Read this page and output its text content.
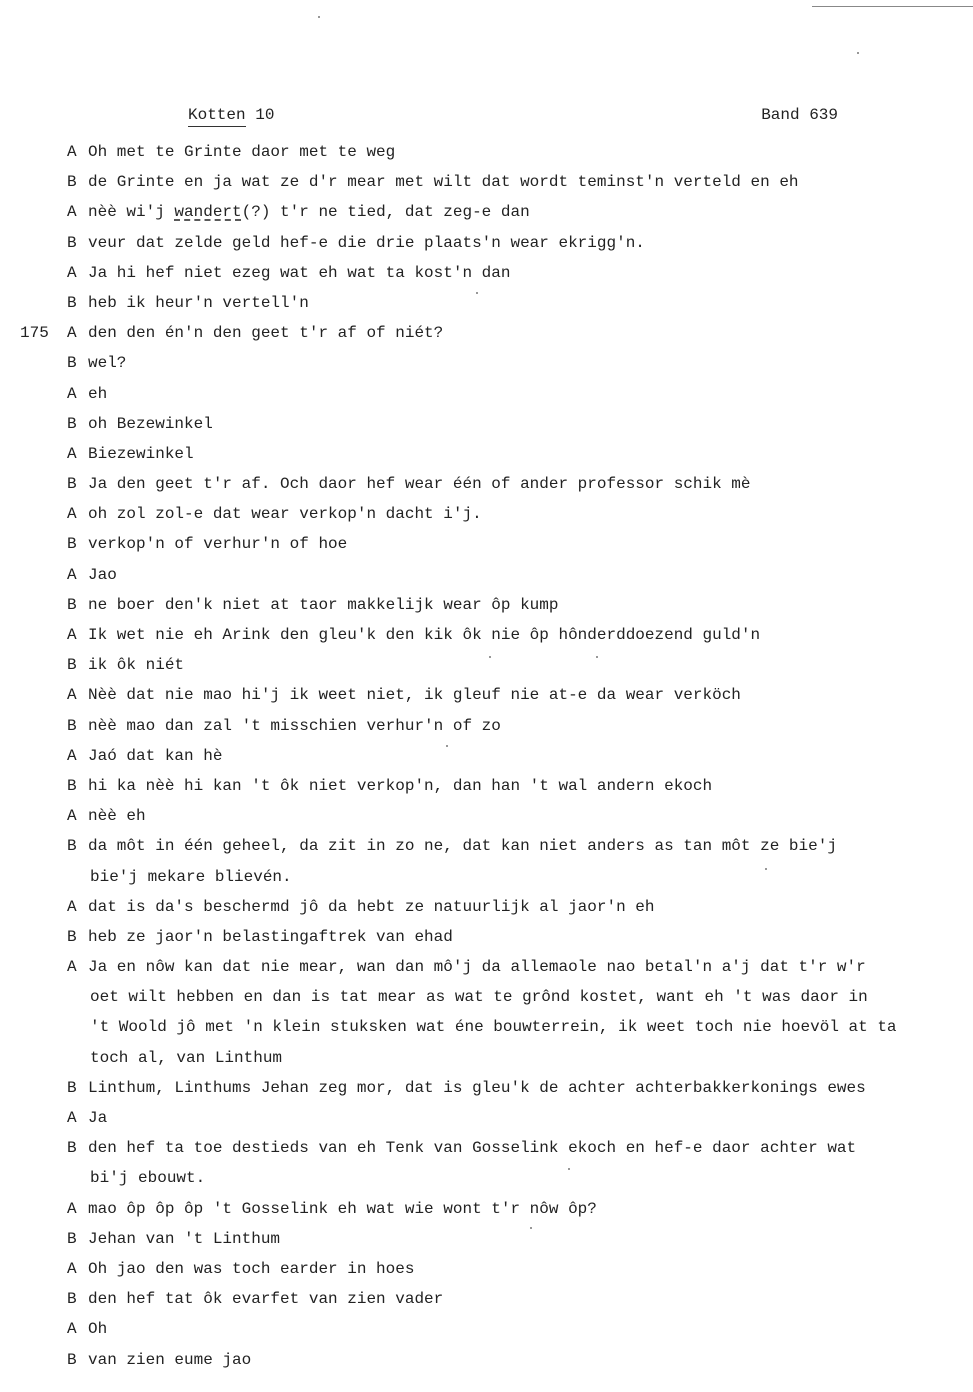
Kotten 10	Band 639
A Oh met te Grinte daor met te weg
B de Grinte en ja wat ze d'r mear met wilt dat wordt teminst'n verteld en eh
A nèè wi'j wandert(?) t'r ne tied, dat zeg-e dan
B veur dat zelde geld hef-e die drie plaats'n wear ekrigg'n.
A Ja hi hef niet ezeg wat eh wat ta kost'n dan
B heb ik heur'n vertell'n
175	A den den én'n den geet t'r af of niét?
B wel?
A eh
B oh Bezewinkel
A Biezewinkel
B Ja den geet t'r af. Och daor hef wear één of ander professor schik mè
A oh zol zol-e dat wear verkop'n dacht i'j.
B verkop'n of verhur'n of hoe
A Jao
B ne boer den'k niet at taor makkelijk wear ôp kump
A Ik wet nie eh Arink den gleu'k den kik ôk nie ôp hônderddoezend guld'n
B ik ôk niét
A Nèè dat nie mao hi'j ik weet niet, ik gleuf nie at-e da wear verköch
B nèè mao dan zal 't misschien verhur'n of zo
A Jaó dat kan hè
B hi ka nèè hi kan 't ôk niet verkop'n, dan han 't wal andern ekoch
A nèè eh
B da môt in één geheel, da zit in zo ne, dat kan niet anders as tan môt ze bie'j
bie'j mekare blievén.
A dat is da's beschermd jô da hebt ze natuurlijk al jaor'n eh
B heb ze jaor'n belastingaftrek van ehad
A Ja en nôw kan dat nie mear, wan dan mô'j da allemaole nao betal'n a'j dat t'r w'r
oet wilt hebben en dan is tat mear as wat te grônd kostet, want eh 't was daor in
't Woold jô met 'n klein stuksken wat éne bouwterrein, ik weet toch nie hoevöl at ta
toch al, van Linthum
B Linthum, Linthums Jehan zeg mor, dat is gleu'k de achter achterbakkerkonings ewes
A Ja
B den hef ta toe destieds van eh Tenk van Gosselink ekoch en hef-e daor achter wat
bi'j ebouwt.
A mao ôp ôp ôp 't Gosselink eh wat wie wont t'r nôw ôp?
B Jehan van 't Linthum
A Oh jao den was toch earder in hoes
B den hef tat ôk evarfet van zien vader
A Oh
B van zien eume jao
